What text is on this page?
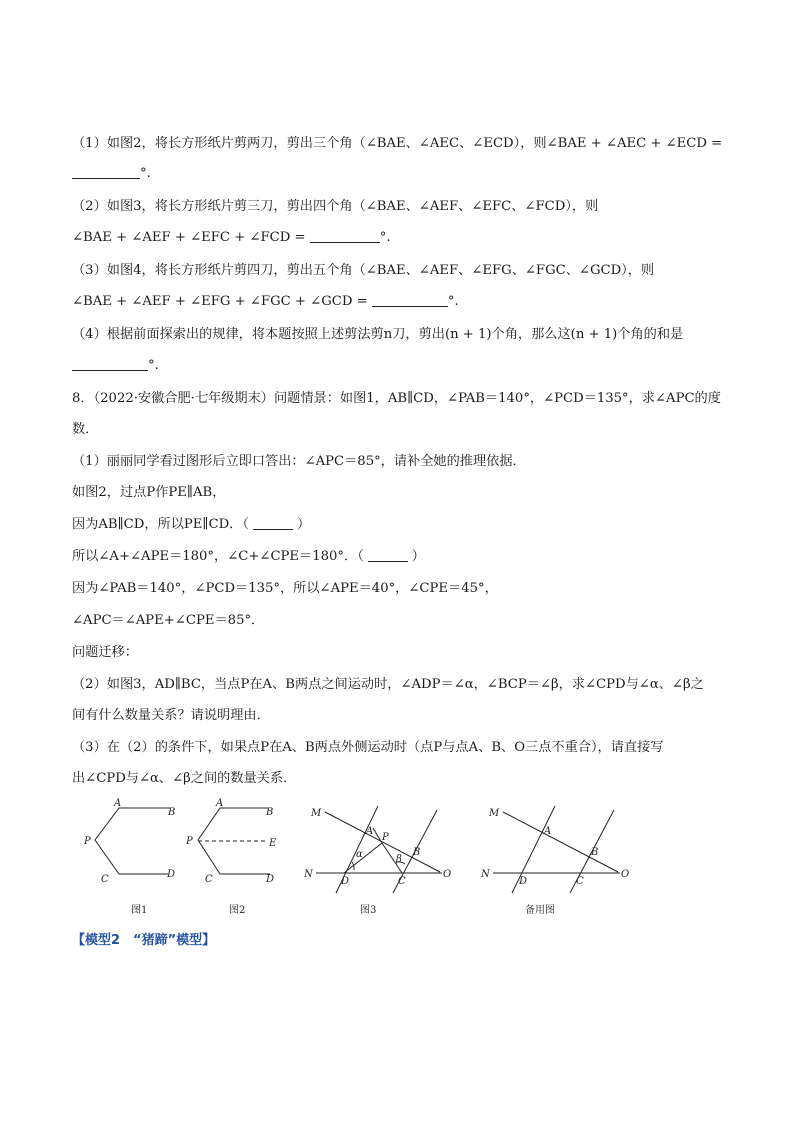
（1）如图2，将长方形纸片剪两刀，剪出三个角（∠BAE、∠AEC、∠ECD），则∠BAE + ∠AEC + ∠ECD =
°.
（2）如图3，将长方形纸片剪三刀，剪出四个角（∠BAE、∠AEF、∠EFC、∠FCD），则
∠BAE + ∠AEF + ∠EFC + ∠FCD =	°.
（3）如图4，将长方形纸片剪四刀，剪出五个角（∠BAE、∠AEF、∠EFG、∠FGC、∠GCD），则
∠BAE + ∠AEF + ∠EFG + ∠FGC + ∠GCD =	°.
（4）根据前面探索出的规律，将本题按照上述剪法剪n刀，剪出(n + 1)个角，那么这(n + 1)个角的和是
°.
8．（2022·安徽合肥·七年级期末）问题情景：如图1，AB∥CD，∠PAB＝140°，∠PCD＝135°，求∠APC的度
数．
（1）丽丽同学看过图形后立即口答出：∠APC＝85°，请补全她的推理依据．
如图2，过点P作PE∥AB，
因为AB∥CD，所以PE∥CD．（	）
所以∠A+∠APE＝180°，∠C+∠CPE＝180°．（	）
因为∠PAB＝140°，∠PCD＝135°，所以∠APE＝40°，∠CPE＝45°，
∠APC＝∠APE+∠CPE＝85°．
问题迁移：
（2）如图3，AD∥BC，当点P在A、B两点之间运动时，∠ADP＝∠α，∠BCP＝∠β，求∠CPD与∠α、∠β之
间有什么数量关系？请说明理由．
（3）在（2）的条件下，如果点P在A、B两点外侧运动时（点P与点A、B、O三点不重合），请直接写
出∠CPD与∠α、∠β之间的数量关系．
A
B
P
C	D
图1
A
B
P	E
C	D
图2
M
A
P
B
N
D	C
O
α	β
图3
M
A
B
N
D	C
O
备用图
【模型2　“猪蹄”模型】
